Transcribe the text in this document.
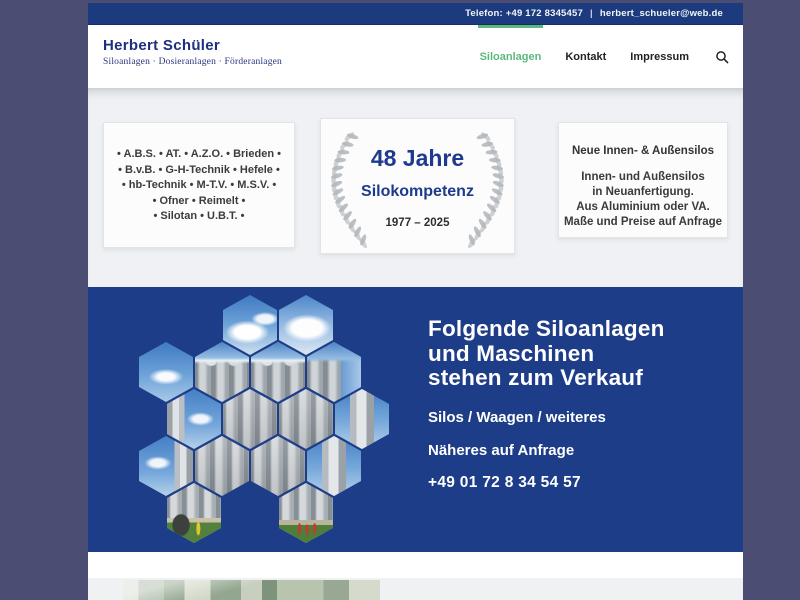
Telefon: +49 172 8345457 | herbert_schueler@web.de
Herbert Schüler
Siloanlagen · Dosieranlagen · Förderanlagen	Siloanlagen Kontakt Impressum
• A.B.S. • AT. • A.Z.O. • Brieden •
• B.v.B. • G-H-Technik • Hefele •
• hb-Technik • M-T.V. • M.S.V. •
• Ofner • Reimelt •
• Silotan • U.B.T. •
48 Jahre
Silokompetenz
1977 – 2025
Neue Innen- & Außensilos
Innen- und Außensilos
in Neuanfertigung.
Aus Aluminium oder VA.
Maße und Preise auf Anfrage
Folgende Siloanlagen
und Maschinen
stehen zum Verkauf
Silos / Waagen / weiteres
Näheres auf Anfrage
+49 01 72 8 34 54 57
